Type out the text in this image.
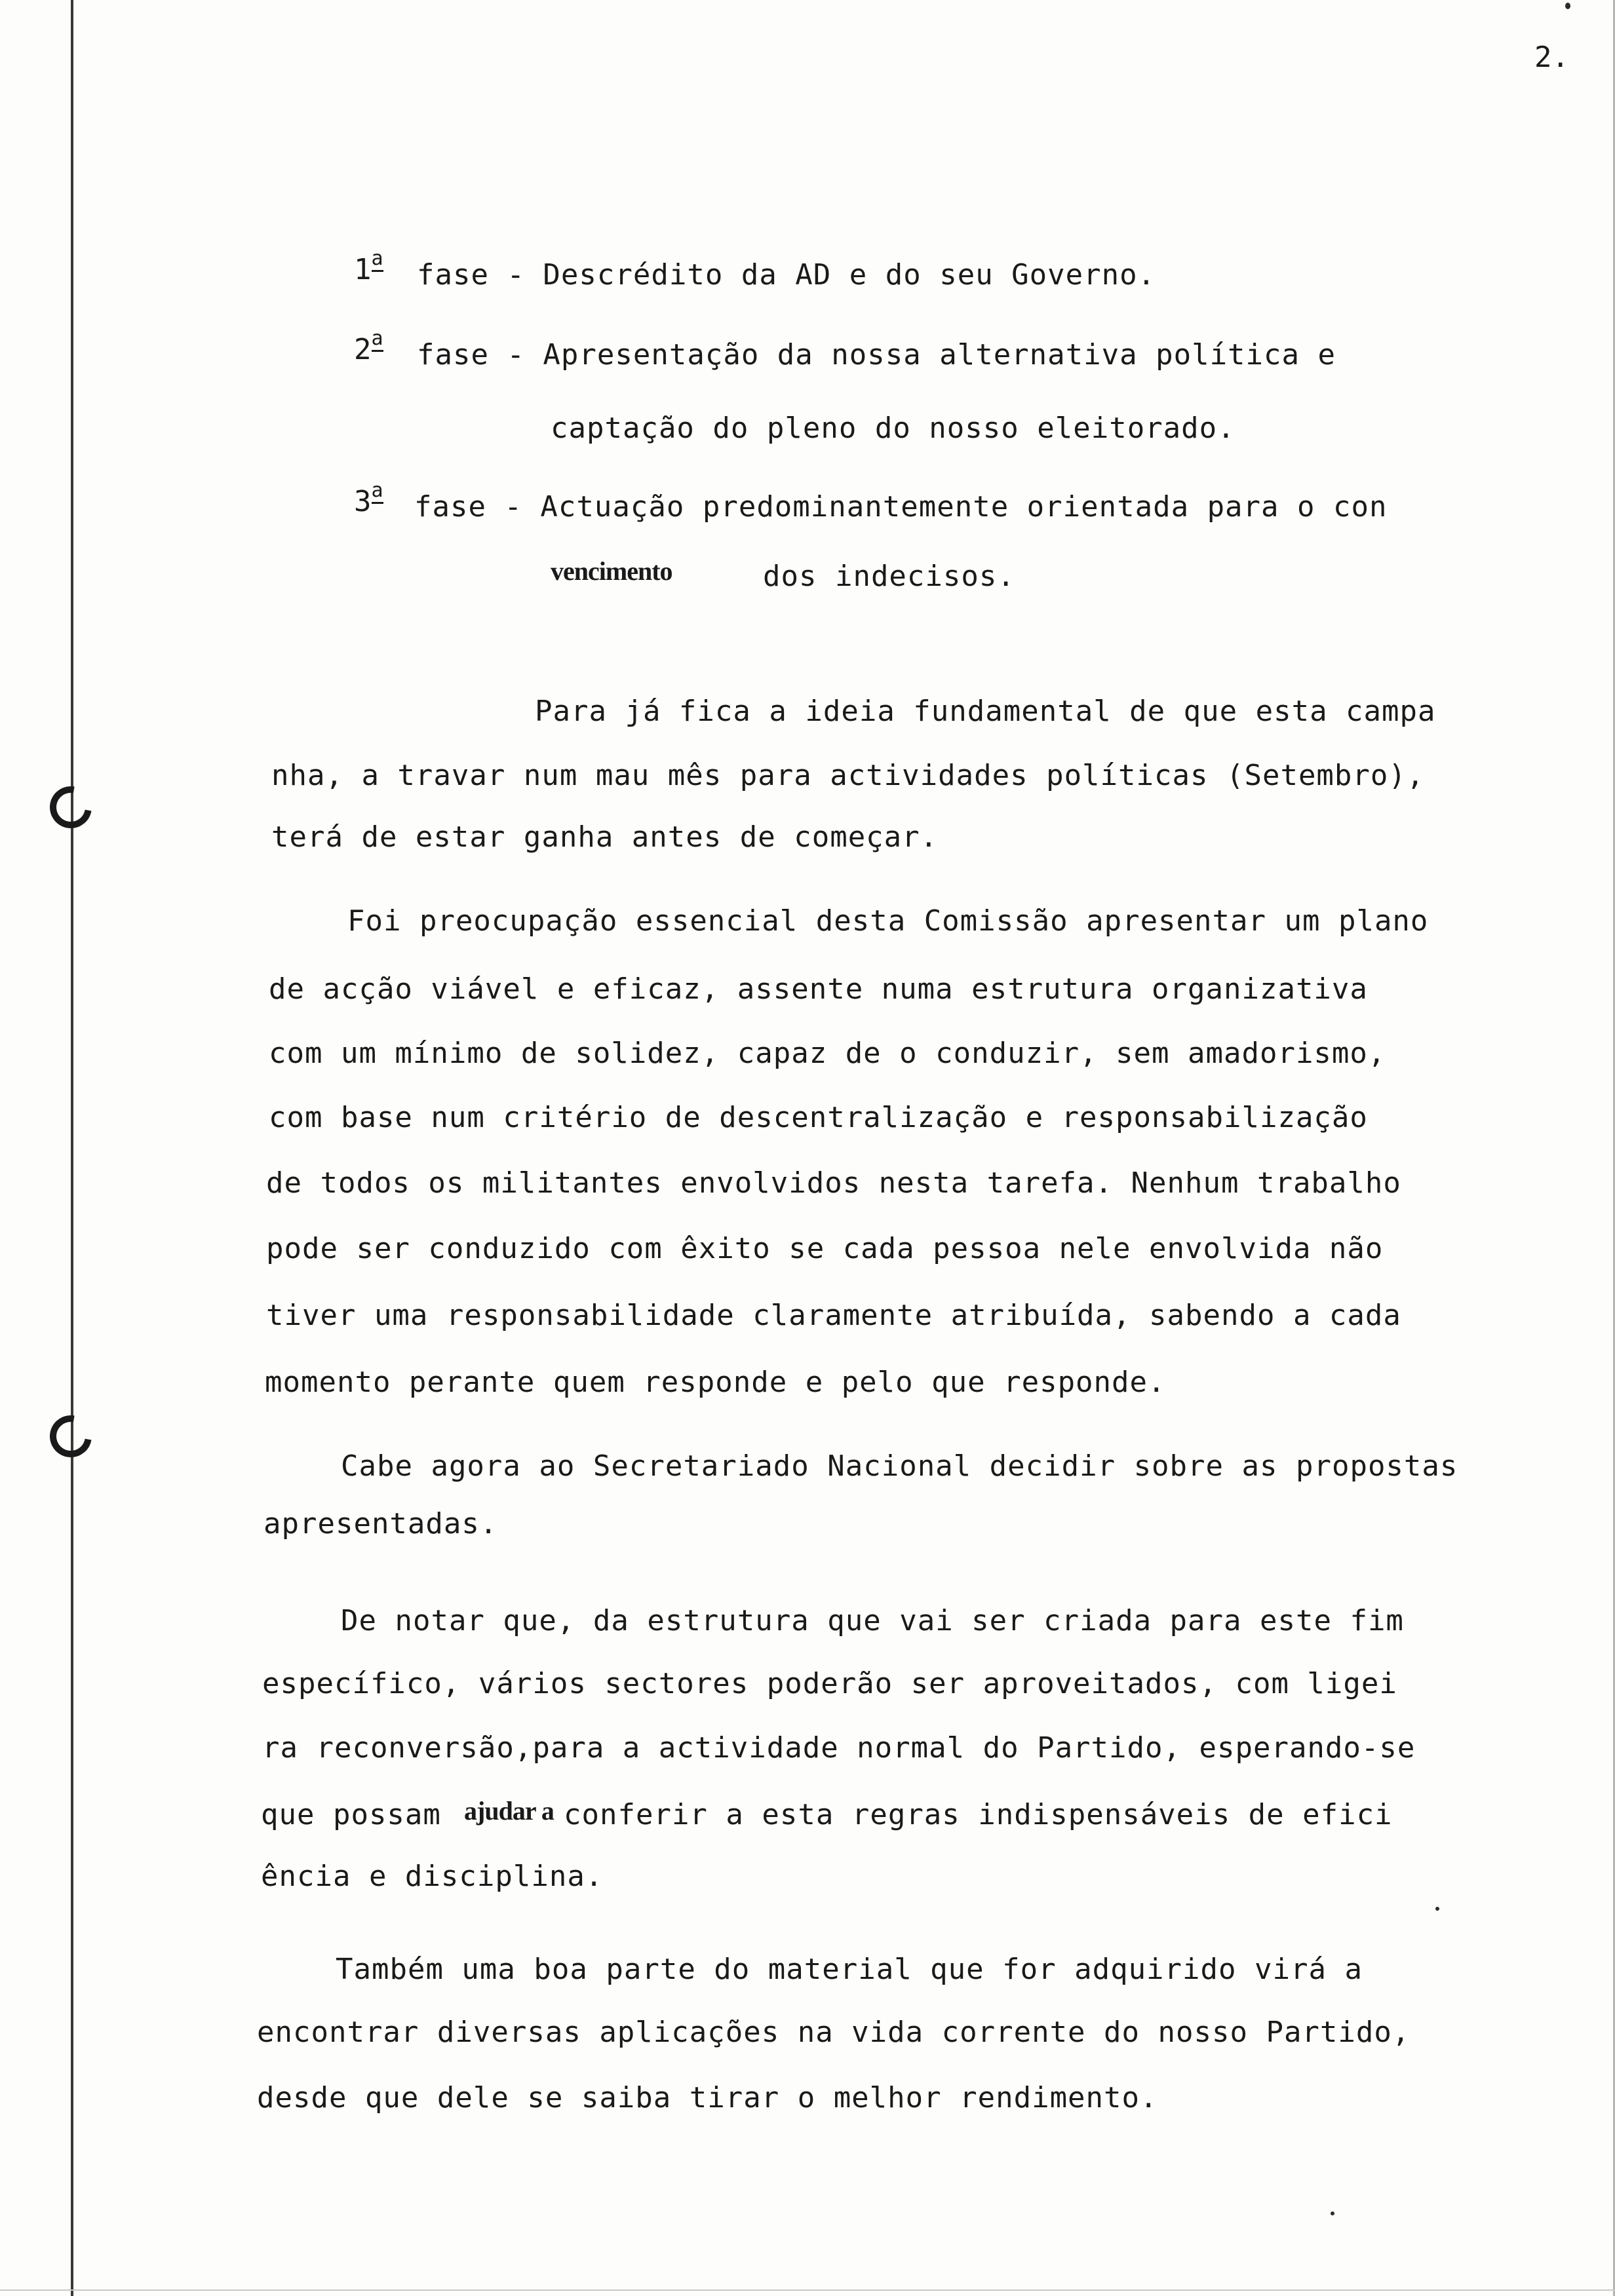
2.
1a fase - Descrédito da AD e do seu Governo.
2a fase - Apresentação da nossa alternativa política e
captação do pleno do nosso eleitorado.
3a fase - Actuação predominantemente orientada para o con
vencimento	dos indecisos.
Para já fica a ideia fundamental de que esta campa
nha, a travar num mau mês para actividades políticas (Setembro),
terá de estar ganha antes de começar.
Foi preocupação essencial desta Comissão apresentar um plano
de acção viável e eficaz, assente numa estrutura organizativa
com um mínimo de solidez, capaz de o conduzir, sem amadorismo,
com base num critério de descentralização e responsabilização
de todos os militantes envolvidos nesta tarefa. Nenhum trabalho
pode ser conduzido com êxito se cada pessoa nele envolvida não
tiver uma responsabilidade claramente atribuída, sabendo a cada
momento perante quem responde e pelo que responde.
Cabe agora ao Secretariado Nacional decidir sobre as propostas
apresentadas.
De notar que, da estrutura que vai ser criada para este fim
específico, vários sectores poderão ser aproveitados, com ligei
ra reconversão,para a actividade normal do Partido, esperando-se
que possam ajudar a conferir a esta regras indispensáveis de efici
ência e disciplina.
Também uma boa parte do material que for adquirido virá a
encontrar diversas aplicações na vida corrente do nosso Partido,
desde que dele se saiba tirar o melhor rendimento.
